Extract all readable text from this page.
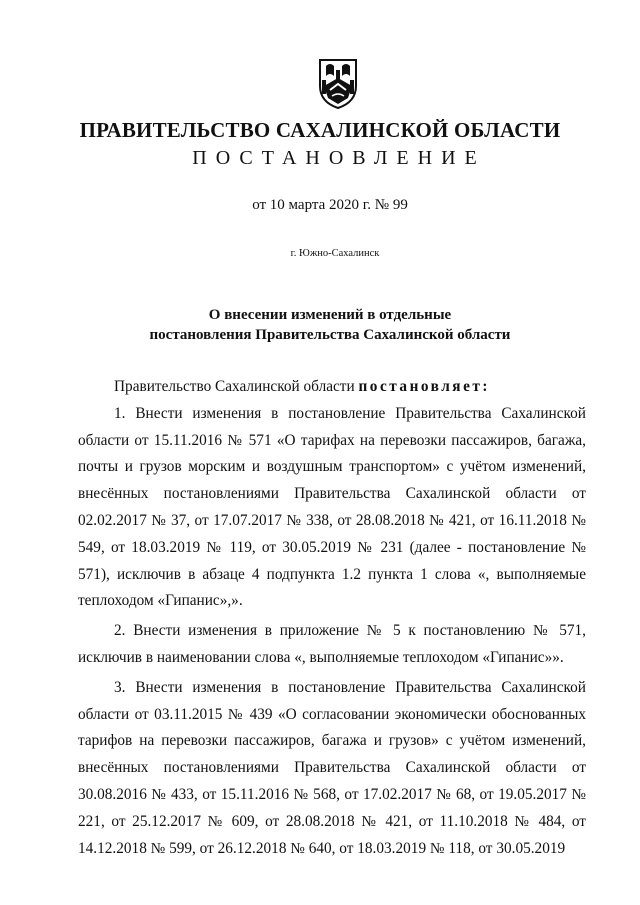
ПРАВИТЕЛЬСТВО САХАЛИНСКОЙ ОБЛАСТИ
ПОСТАНОВЛЕНИЕ
от 10 марта 2020 г. № 99
г. Южно-Сахалинск
О внесении изменений в отдельные
постановления Правительства Сахалинской области

Правительство Сахалинской области постановляет:

1. Внести изменения в постановление Правительства Сахалинской области от 15.11.2016 № 571 «О тарифах на перевозки пассажиров, багажа, почты и грузов морским и воздушным транспортом» с учётом изменений, внесённых постановлениями Правительства Сахалинской области от 02.02.2017 № 37, от 17.07.2017 № 338, от 28.08.2018 № 421, от 16.11.2018 № 549, от 18.03.2019 № 119, от 30.05.2019 № 231 (далее - постановление № 571), исключив в абзаце 4 подпункта 1.2 пункта 1 слова «, выполняемые теплоходом «Гипанис»,».

2. Внести изменения в приложение № 5 к постановлению № 571, исключив в наименовании слова «, выполняемые теплоходом «Гипанис»».

3. Внести изменения в постановление Правительства Сахалинской области от 03.11.2015 № 439 «О согласовании экономически обоснованных тарифов на перевозки пассажиров, багажа и грузов» с учётом изменений, внесённых постановлениями Правительства Сахалинской области от 30.08.2016 № 433, от 15.11.2016 № 568, от 17.02.2017 № 68, от 19.05.2017 № 221, от 25.12.2017 № 609, от 28.08.2018 № 421, от 11.10.2018 № 484, от 14.12.2018 № 599, от 26.12.2018 № 640, от 18.03.2019 № 118, от 30.05.2019
